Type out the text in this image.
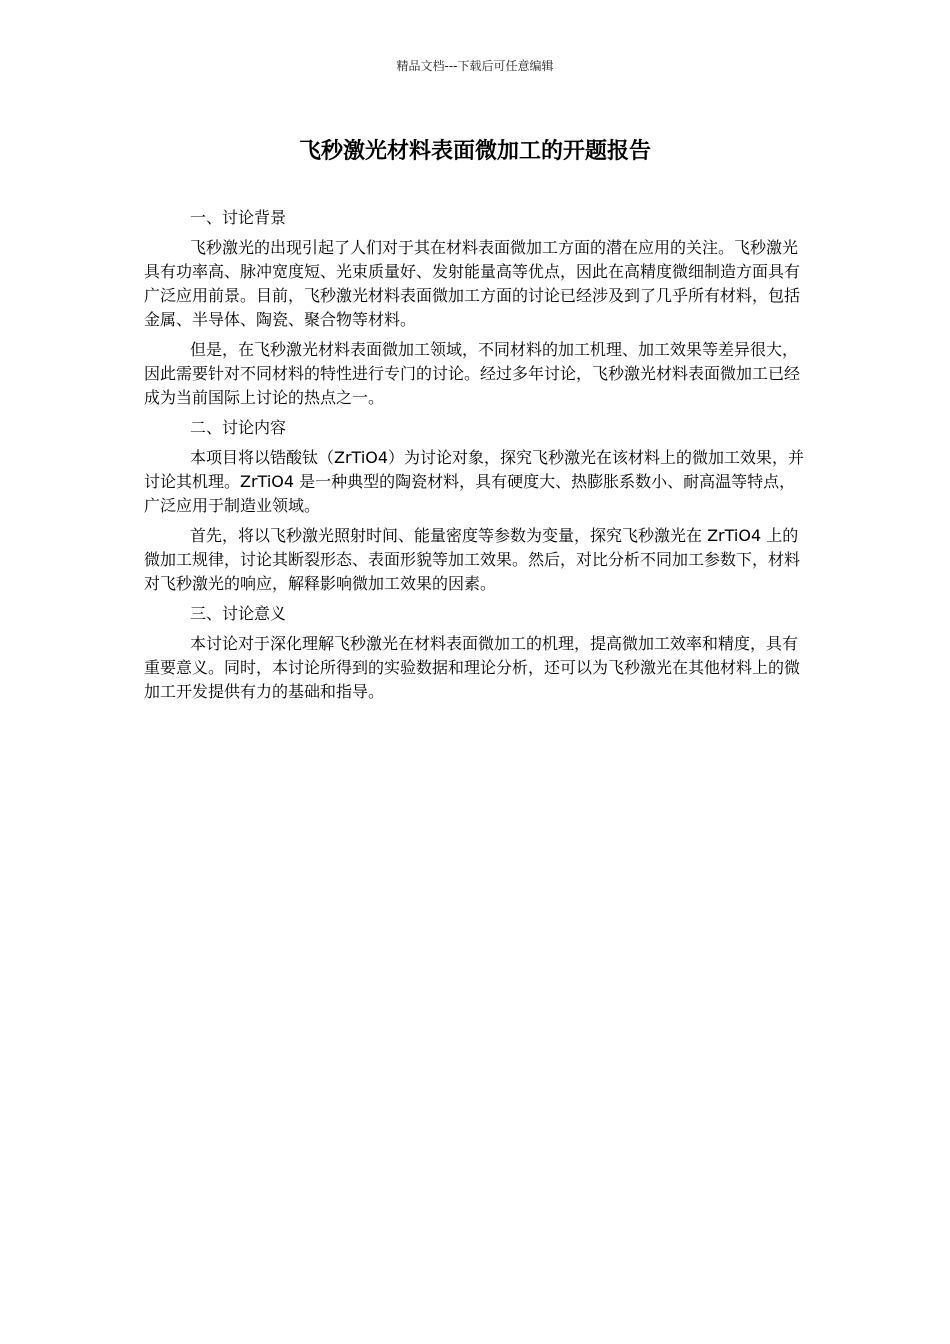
精品文档---下载后可任意编辑
飞秒激光材料表面微加工的开题报告
一、讨论背景

飞秒激光的出现引起了人们对于其在材料表面微加工方面的潜在应用的关注。飞秒激光具有功率高、脉冲宽度短、光束质量好、发射能量高等优点，因此在高精度微细制造方面具有广泛应用前景。目前，飞秒激光材料表面微加工方面的讨论已经涉及到了几乎所有材料，包括金属、半导体、陶瓷、聚合物等材料。

但是，在飞秒激光材料表面微加工领域，不同材料的加工机理、加工效果等差异很大，因此需要针对不同材料的特性进行专门的讨论。经过多年讨论，飞秒激光材料表面微加工已经成为当前国际上讨论的热点之一。

二、讨论内容

本项目将以锆酸钛（ZrTiO4）为讨论对象，探究飞秒激光在该材料上的微加工效果，并讨论其机理。ZrTiO4 是一种典型的陶瓷材料，具有硬度大、热膨胀系数小、耐高温等特点，广泛应用于制造业领域。

首先，将以飞秒激光照射时间、能量密度等参数为变量，探究飞秒激光在 ZrTiO4 上的微加工规律，讨论其断裂形态、表面形貌等加工效果。然后，对比分析不同加工参数下，材料对飞秒激光的响应，解释影响微加工效果的因素。

三、讨论意义

本讨论对于深化理解飞秒激光在材料表面微加工的机理，提高微加工效率和精度，具有重要意义。同时，本讨论所得到的实验数据和理论分析，还可以为飞秒激光在其他材料上的微加工开发提供有力的基础和指导。
